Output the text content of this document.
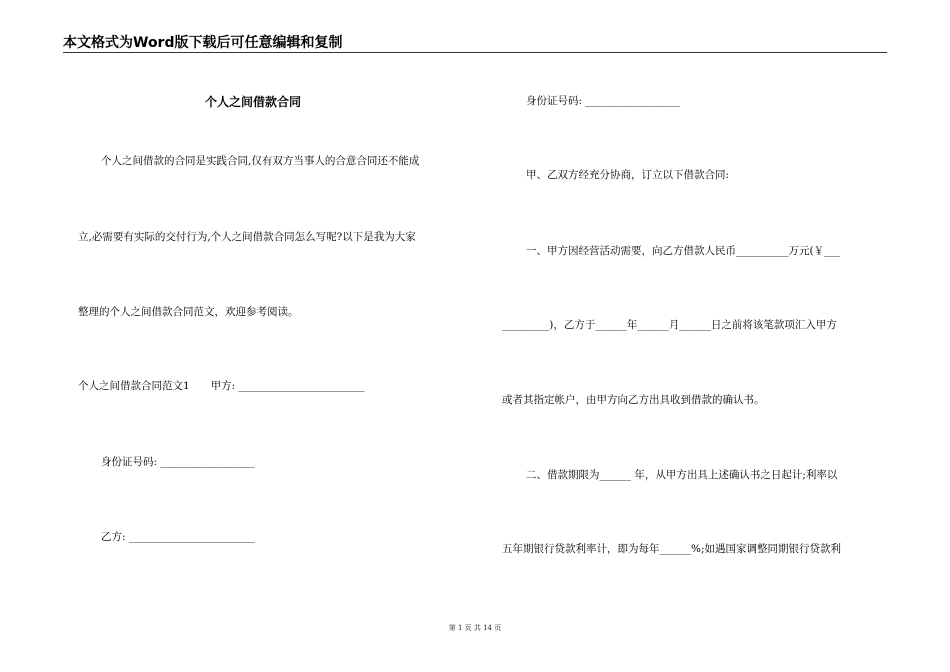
本文格式为Word版下载后可任意编辑和复制
个人之间借款合同
个人之间借款的合同是实践合同,仅有双方当事人的合意合同还不能成
立,必需要有实际的交付行为,个人之间借款合同怎么写呢?以下是我为大家
整理的个人之间借款合同范文，欢迎参考阅读。
个人之间借款合同范文1　　甲方: ________________________
身份证号码: __________________
乙方: ________________________
身份证号码: __________________
甲、乙双方经充分协商，订立以下借款合同:
一、甲方因经营活动需要，向乙方借款人民币__________万元(￥___
_________)，乙方于______年______月______日之前将该笔款项汇入甲方
或者其指定帐户，由甲方向乙方出具收到借款的确认书。
二、借款期限为______ 年，从甲方出具上述确认书之日起计;利率以
五年期银行贷款利率计，即为每年______%;如遇国家调整同期银行贷款利
第 1 页 共 14 页
